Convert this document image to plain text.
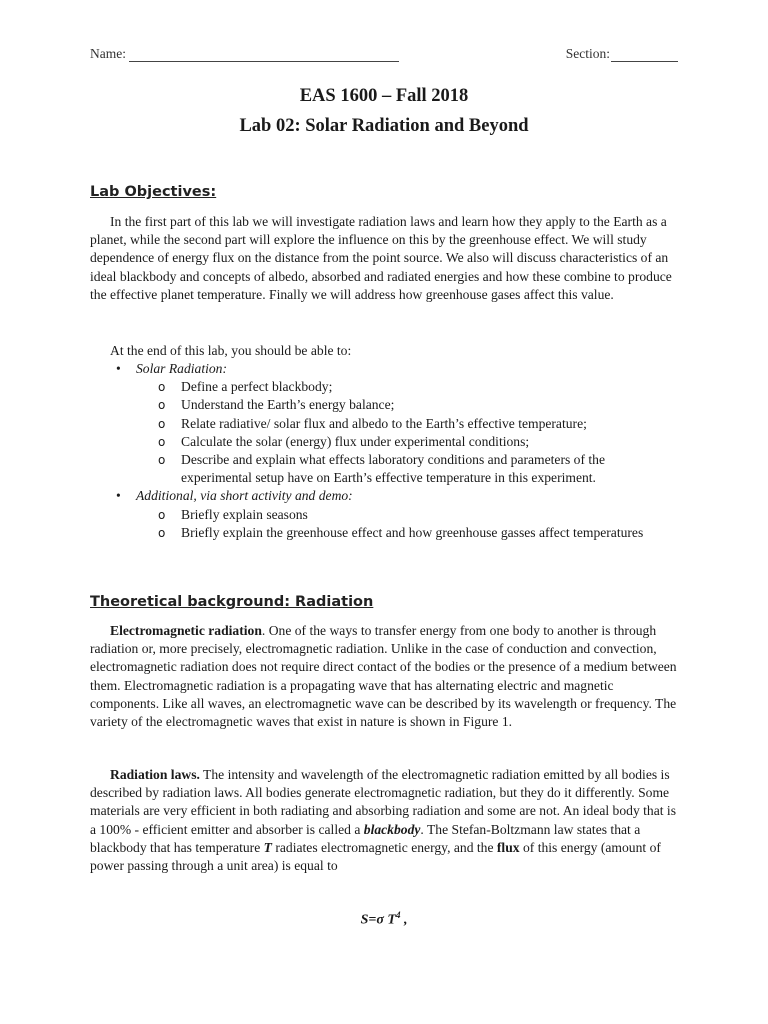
Name:	Section:
EAS 1600 – Fall 2018
Lab 02: Solar Radiation and Beyond
Lab Objectives:
In the first part of this lab we will investigate radiation laws and learn how they apply to the Earth as a planet, while the second part will explore the influence on this by the greenhouse effect. We will study dependence of energy flux on the distance from the point source. We also will discuss characteristics of an ideal blackbody and concepts of albedo, absorbed and radiated energies and how these combine to produce the effective planet temperature. Finally we will address how greenhouse gases affect this value.
At the end of this lab, you should be able to:
• Solar Radiation:
o Define a perfect blackbody;
o Understand the Earth’s energy balance;
o Relate radiative/ solar flux and albedo to the Earth’s effective temperature;
o Calculate the solar (energy) flux under experimental conditions;
o Describe and explain what effects laboratory conditions and parameters of the experimental setup have on Earth’s effective temperature in this experiment.
• Additional, via short activity and demo:
o Briefly explain seasons
o Briefly explain the greenhouse effect and how greenhouse gasses affect temperatures
Theoretical background: Radiation
Electromagnetic radiation. One of the ways to transfer energy from one body to another is through radiation or, more precisely, electromagnetic radiation. Unlike in the case of conduction and convection, electromagnetic radiation does not require direct contact of the bodies or the presence of a medium between them. Electromagnetic radiation is a propagating wave that has alternating electric and magnetic components. Like all waves, an electromagnetic wave can be described by its wavelength or frequency. The variety of the electromagnetic waves that exist in nature is shown in Figure 1.
Radiation laws. The intensity and wavelength of the electromagnetic radiation emitted by all bodies is described by radiation laws. All bodies generate electromagnetic radiation, but they do it differently. Some materials are very efficient in both radiating and absorbing radiation and some are not. An ideal body that is a 100% - efficient emitter and absorber is called a blackbody. The Stefan-Boltzmann law states that a blackbody that has temperature T radiates electromagnetic energy, and the flux of this energy (amount of power passing through a unit area) is equal to
S=σ $T^4$ ,
